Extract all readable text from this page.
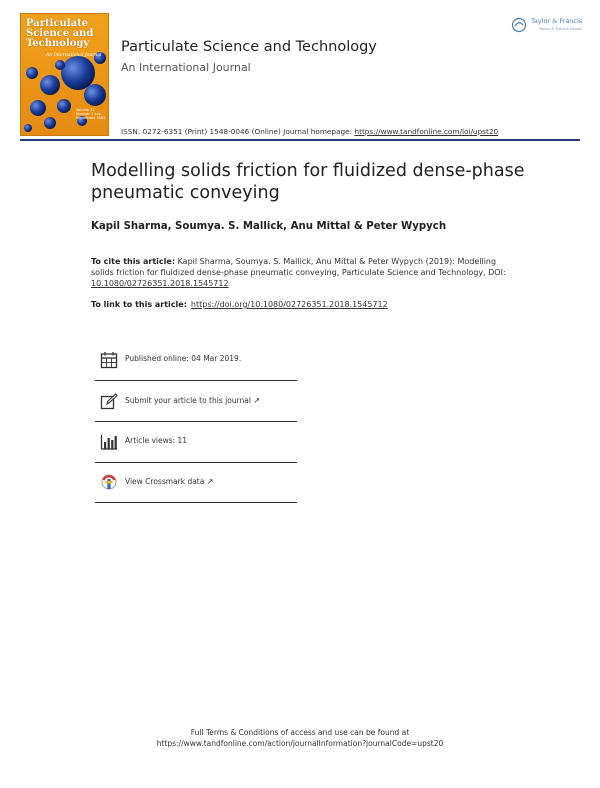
Particulate
Science and
Technology
An International Journal
Volume 22 Number 3 July–September 2004
Taylor & Francis
Taylor & Francis Group
Particulate Science and Technology
An International Journal
ISSN: 0272-6351 (Print) 1548-0046 (Online) Journal homepage: https://www.tandfonline.com/loi/upst20
Modelling solids friction for fluidized dense-phase pneumatic conveying
Kapil Sharma, Soumya. S. Mallick, Anu Mittal & Peter Wypych
To cite this article: Kapil Sharma, Soumya. S. Mallick, Anu Mittal & Peter Wypych (2019): Modelling solids friction for fluidized dense-phase pneumatic conveying, Particulate Science and Technology, DOI: 10.1080/02726351.2018.1545712
To link to this article: https://doi.org/10.1080/02726351.2018.1545712
Published online: 04 Mar 2019.
Submit your article to this journal ↗
Article views: 11
View Crossmark data ↗
Full Terms & Conditions of access and use can be found at
https://www.tandfonline.com/action/journalInformation?journalCode=upst20
